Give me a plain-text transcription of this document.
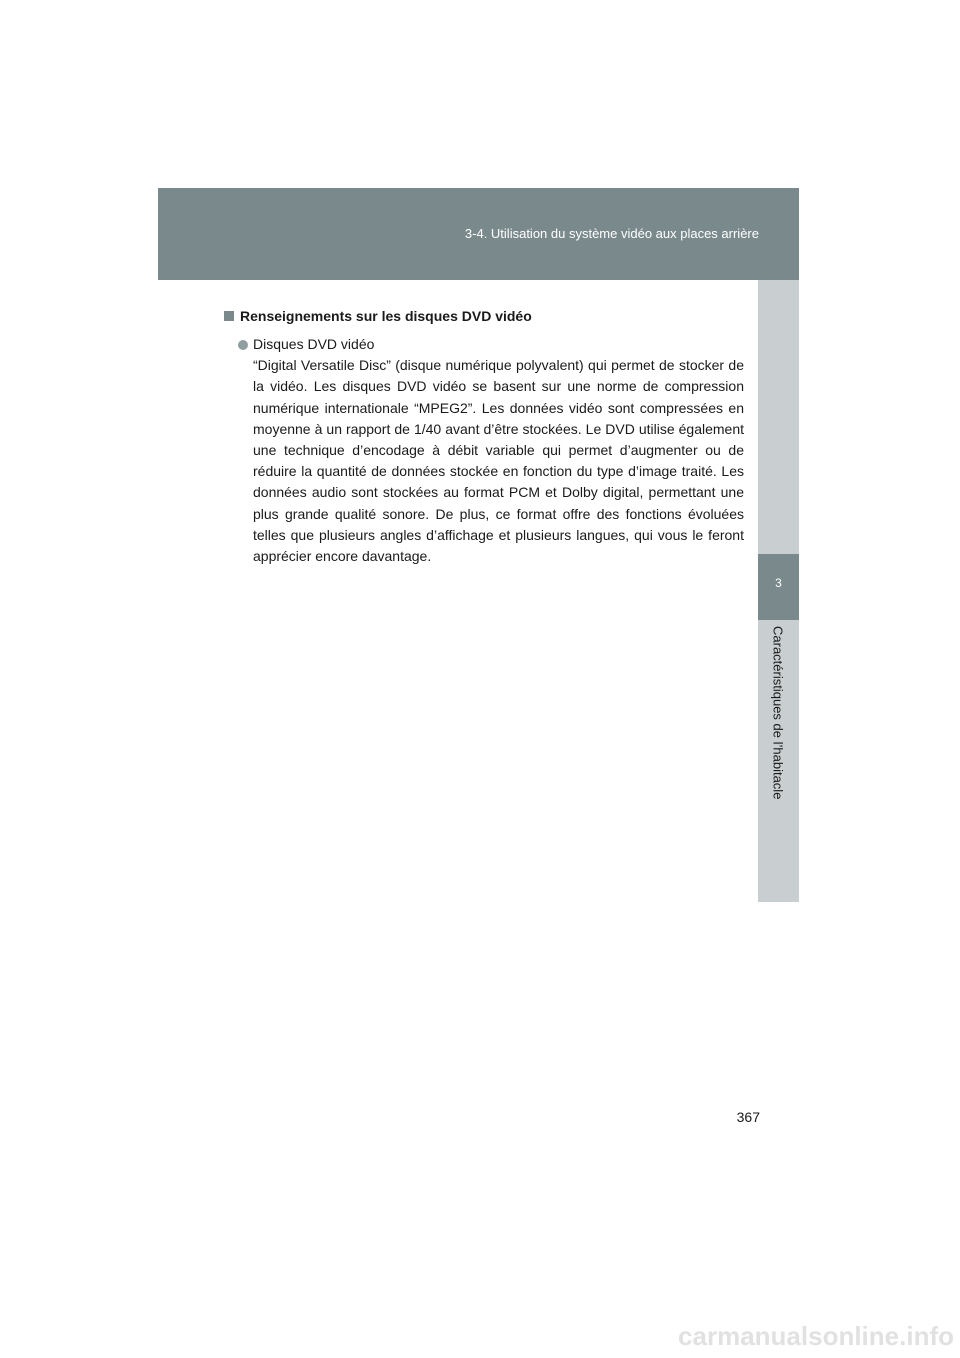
3-4. Utilisation du système vidéo aux places arrière
3
Caractéristiques de l’habitacle
Renseignements sur les disques DVD vidéo
Disques DVD vidéo
“Digital Versatile Disc” (disque numérique polyvalent) qui permet de stocker de la vidéo. Les disques DVD vidéo se basent sur une norme de compression numérique internationale “MPEG2”. Les données vidéo sont compressées en moyenne à un rapport de 1/40 avant d’être stockées. Le DVD utilise également une technique d’encodage à débit variable qui permet d’augmenter ou de réduire la quantité de données stockée en fonction du type d’image traité. Les données audio sont stockées au format PCM et Dolby digital, permettant une plus grande qualité sonore. De plus, ce format offre des fonctions évoluées telles que plusieurs angles d’affichage et plusieurs langues, qui vous le feront apprécier encore davantage.
367
carmanualsonline.info
